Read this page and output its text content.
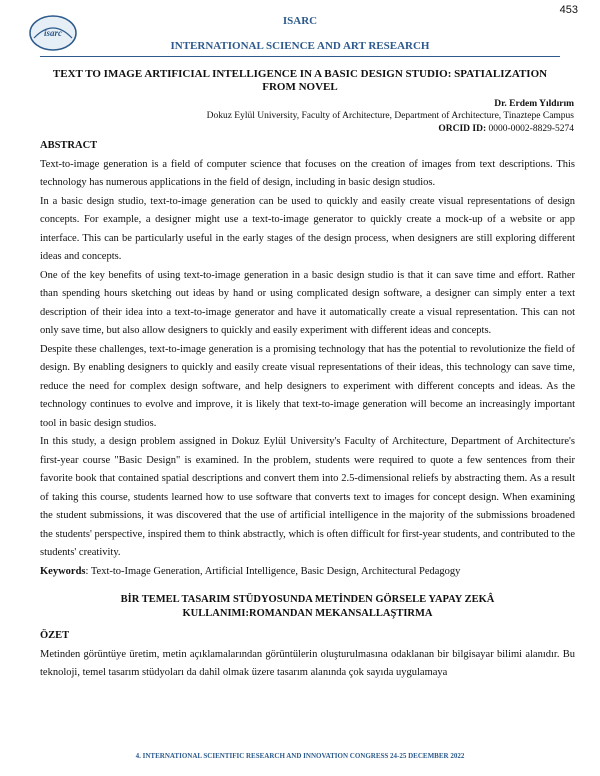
453
isarc
ISARC
INTERNATIONAL SCIENCE AND ART RESEARCH
TEXT TO IMAGE ARTIFICIAL INTELLIGENCE IN A BASIC DESIGN STUDIO: SPATIALIZATION FROM NOVEL
Dr. Erdem Yıldırım
Dokuz Eylül University, Faculty of Architecture, Department of Architecture, Tinaztepe Campus
ORCID ID: 0000-0002-8829-5274

ABSTRACT

Text-to-image generation is a field of computer science that focuses on the creation of images from text descriptions. This technology has numerous applications in the field of design, including in basic design studios.

In a basic design studio, text-to-image generation can be used to quickly and easily create visual representations of design concepts. For example, a designer might use a text-to-image generator to quickly create a mock-up of a website or app interface. This can be particularly useful in the early stages of the design process, when designers are still exploring different ideas and concepts.

One of the key benefits of using text-to-image generation in a basic design studio is that it can save time and effort. Rather than spending hours sketching out ideas by hand or using complicated design software, a designer can simply enter a text description of their idea into a text-to-image generator and have it automatically create a visual representation. This can not only save time, but also allow designers to quickly and easily experiment with different ideas and concepts.

Despite these challenges, text-to-image generation is a promising technology that has the potential to revolutionize the field of design. By enabling designers to quickly and easily create visual representations of their ideas, this technology can save time, reduce the need for complex design software, and help designers to experiment with different concepts and ideas. As the technology continues to evolve and improve, it is likely that text-to-image generation will become an increasingly important tool in basic design studios.

In this study, a design problem assigned in Dokuz Eylül University's Faculty of Architecture, Department of Architecture's first-year course "Basic Design" is examined. In the problem, students were required to quote a few sentences from their favorite book that contained spatial descriptions and convert them into 2.5-dimensional reliefs by abstracting them. As a result of taking this course, students learned how to use software that converts text to images for concept design. When examining the student submissions, it was discovered that the use of artificial intelligence in the majority of the submissions broadened the students' perspective, inspired them to think abstractly, which is often difficult for first-year students, and contributed to the students' creativity.

Keywords: Text-to-Image Generation, Artificial Intelligence, Basic Design, Architectural Pedagogy

BİR TEMEL TASARIM STÜDYOSUNDA METİNDEN GÖRSELE YAPAY ZEKÂ
KULLANIMI:ROMANDAN MEKANSALLAŞTIRMA

ÖZET

Metinden görüntüye üretim, metin açıklamalarından görüntülerin oluşturulmasına odaklanan bir bilgisayar bilimi alanıdır. Bu teknoloji, temel tasarım stüdyoları da dahil olmak üzere tasarım alanında çok sayıda uygulamaya

4. INTERNATIONAL SCIENTIFIC RESEARCH AND INNOVATION CONGRESS 24-25 DECEMBER 2022
